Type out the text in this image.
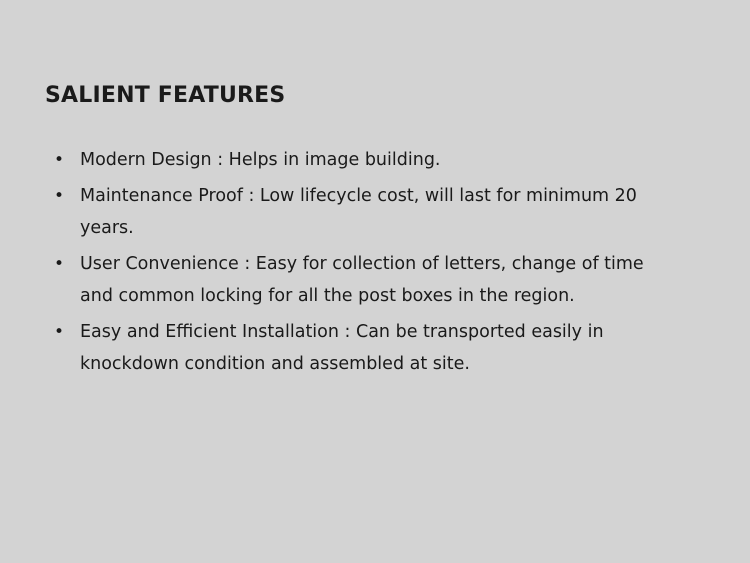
SALIENT FEATURES
• Modern Design : Helps in image building.
• Maintenance Proof : Low lifecycle cost, will last for minimum 20 years.
• User Convenience : Easy for collection of letters, change of time and common locking for all the post boxes in the region.
• Easy and Efficient Installation : Can be transported easily in knockdown condition and assembled at site.
